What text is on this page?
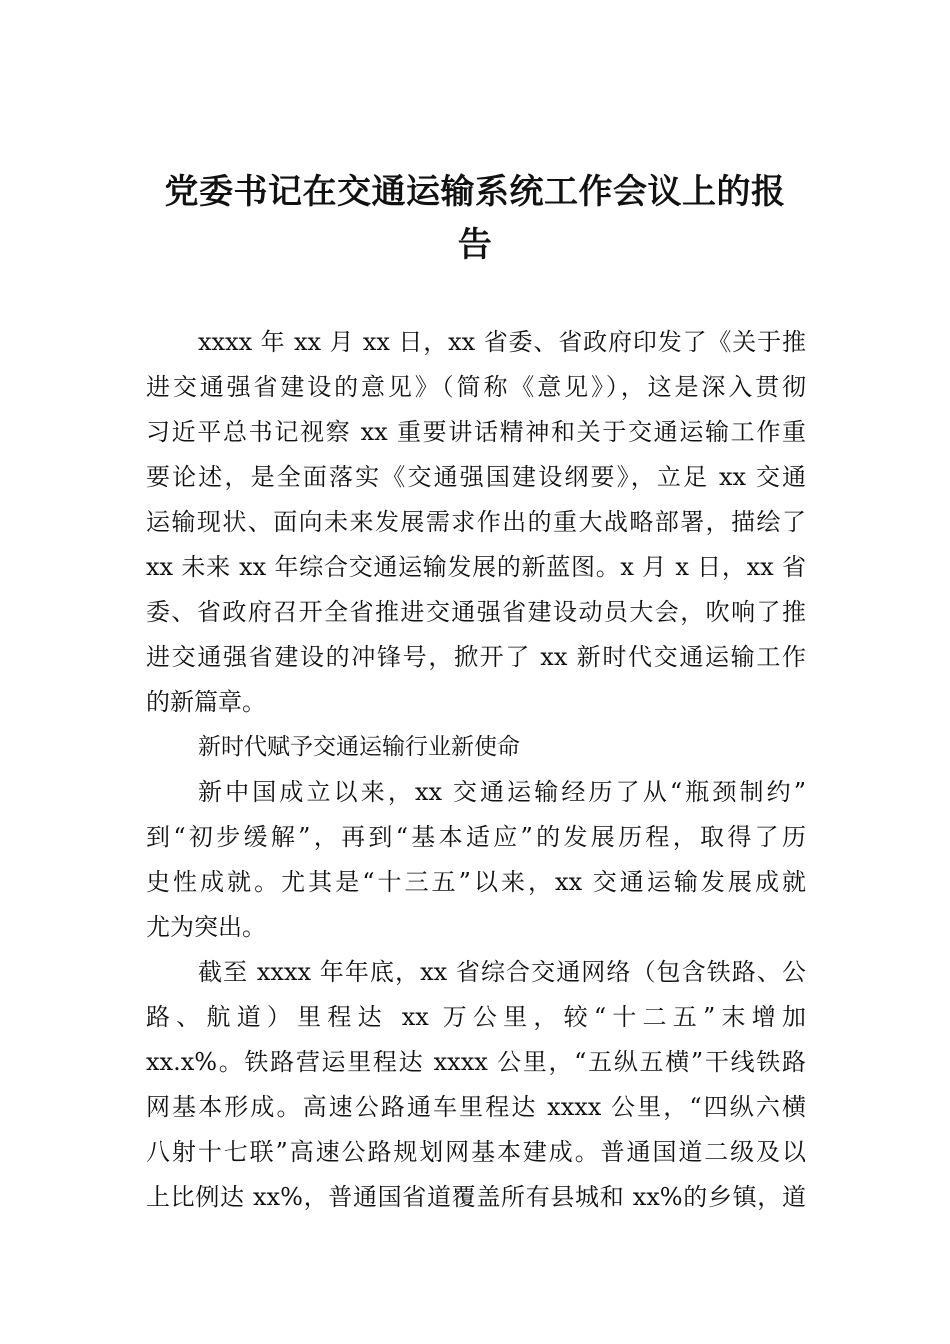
党委书记在交通运输系统工作会议上的报
告
xxxx 年 xx 月 xx 日，xx 省委、省政府印发了《关于推
进交通强省建设的意见》（简称《意见》），这是深入贯彻
习近平总书记视察 xx 重要讲话精神和关于交通运输工作重
要论述，是全面落实《交通强国建设纲要》，立足 xx 交通
运输现状、面向未来发展需求作出的重大战略部署，描绘了
xx 未来 xx 年综合交通运输发展的新蓝图。x 月 x 日，xx 省
委、省政府召开全省推进交通强省建设动员大会，吹响了推
进交通强省建设的冲锋号，掀开了 xx 新时代交通运输工作
的新篇章。
新时代赋予交通运输行业新使命
新中国成立以来，xx 交通运输经历了从“瓶颈制约”
到“初步缓解”，再到“基本适应”的发展历程，取得了历
史性成就。尤其是“十三五”以来，xx 交通运输发展成就
尤为突出。
截至 xxxx 年年底，xx 省综合交通网络（包含铁路、公
路、航道）里程达 xx 万公里，较“十二五”末增加
xx.x%。铁路营运里程达 xxxx 公里，“五纵五横”干线铁路
网基本形成。高速公路通车里程达 xxxx 公里，“四纵六横
八射十七联”高速公路规划网基本建成。普通国道二级及以
上比例达 xx%，普通国省道覆盖所有县城和 xx%的乡镇，道
